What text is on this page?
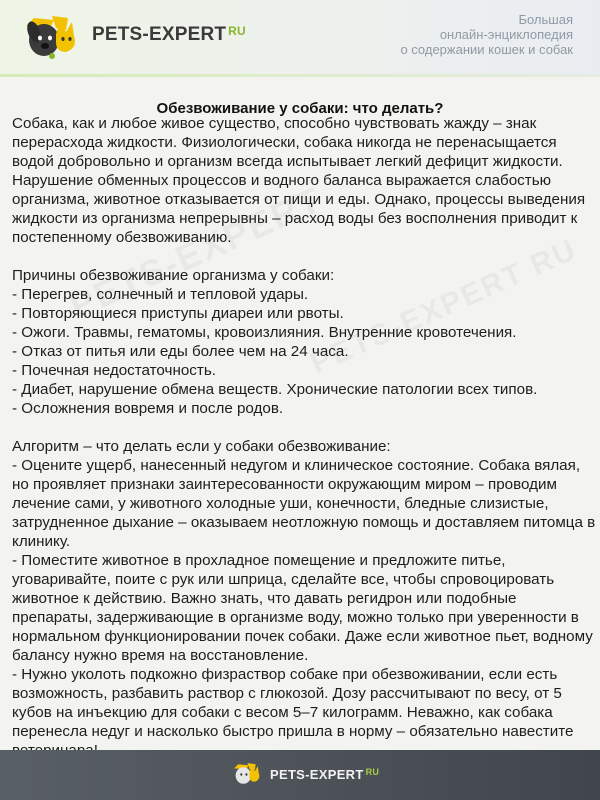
PETS-EXPERT $^{RU}$
Большая
онлайн-энциклопедия
о содержании кошек и собак
Обезвоживание у собаки: что делать?

Собака, как и любое живое существо, способно чувствовать жажду – знак перерасхода жидкости. Физиологически, собака никогда не перенасыщается водой добровольно и организм всегда испытывает легкий дефицит жидкости. Нарушение обменных процессов и водного баланса выражается слабостью организма, животное отказывается от пищи и еды. Однако, процессы выведения жидкости из организма непрерывны – расход воды без восполнения приводит к постепенному обезвоживанию.

Причины обезвоживание организма у собаки:
- Перегрев, солнечный и тепловой удары.
- Повторяющиеся приступы диареи или рвоты.
- Ожоги. Травмы, гематомы, кровоизлияния. Внутренние кровотечения.
- Отказ от питья или еды более чем на 24 часа.
- Почечная недостаточность.
- Диабет, нарушение обмена веществ. Хронические патологии всех типов.
- Осложнения вовремя и после родов.

Алгоритм – что делать если у собаки обезвоживание:
- Оцените ущерб, нанесенный недугом и клиническое состояние. Собака вялая, но проявляет признаки заинтересованности окружающим миром – проводим лечение сами, у животного холодные уши, конечности, бледные слизистые, затрудненное дыхание – оказываем неотложную помощь и доставляем питомца в клинику.
- Поместите животное в прохладное помещение и предложите питье, уговаривайте, поите с рук или шприца, сделайте все, чтобы спровоцировать животное к действию. Важно знать, что давать регидрон или подобные препараты, задерживающие в организме воду, можно только при уверенности в нормальном функционировании почек собаки. Даже если животное пьет, водному балансу нужно время на восстановление.
- Нужно уколоть подкожно физраствор собаке при обезвоживании, если есть возможность, разбавить раствор с глюкозой. Дозу рассчитывают по весу, от 5 кубов на инъекцию для собаки с весом 5–7 килограмм. Неважно, как собака перенесла недуг и насколько быстро пришла в норму – обязательно навестите

PETS-EXPERT $^{RU}$
